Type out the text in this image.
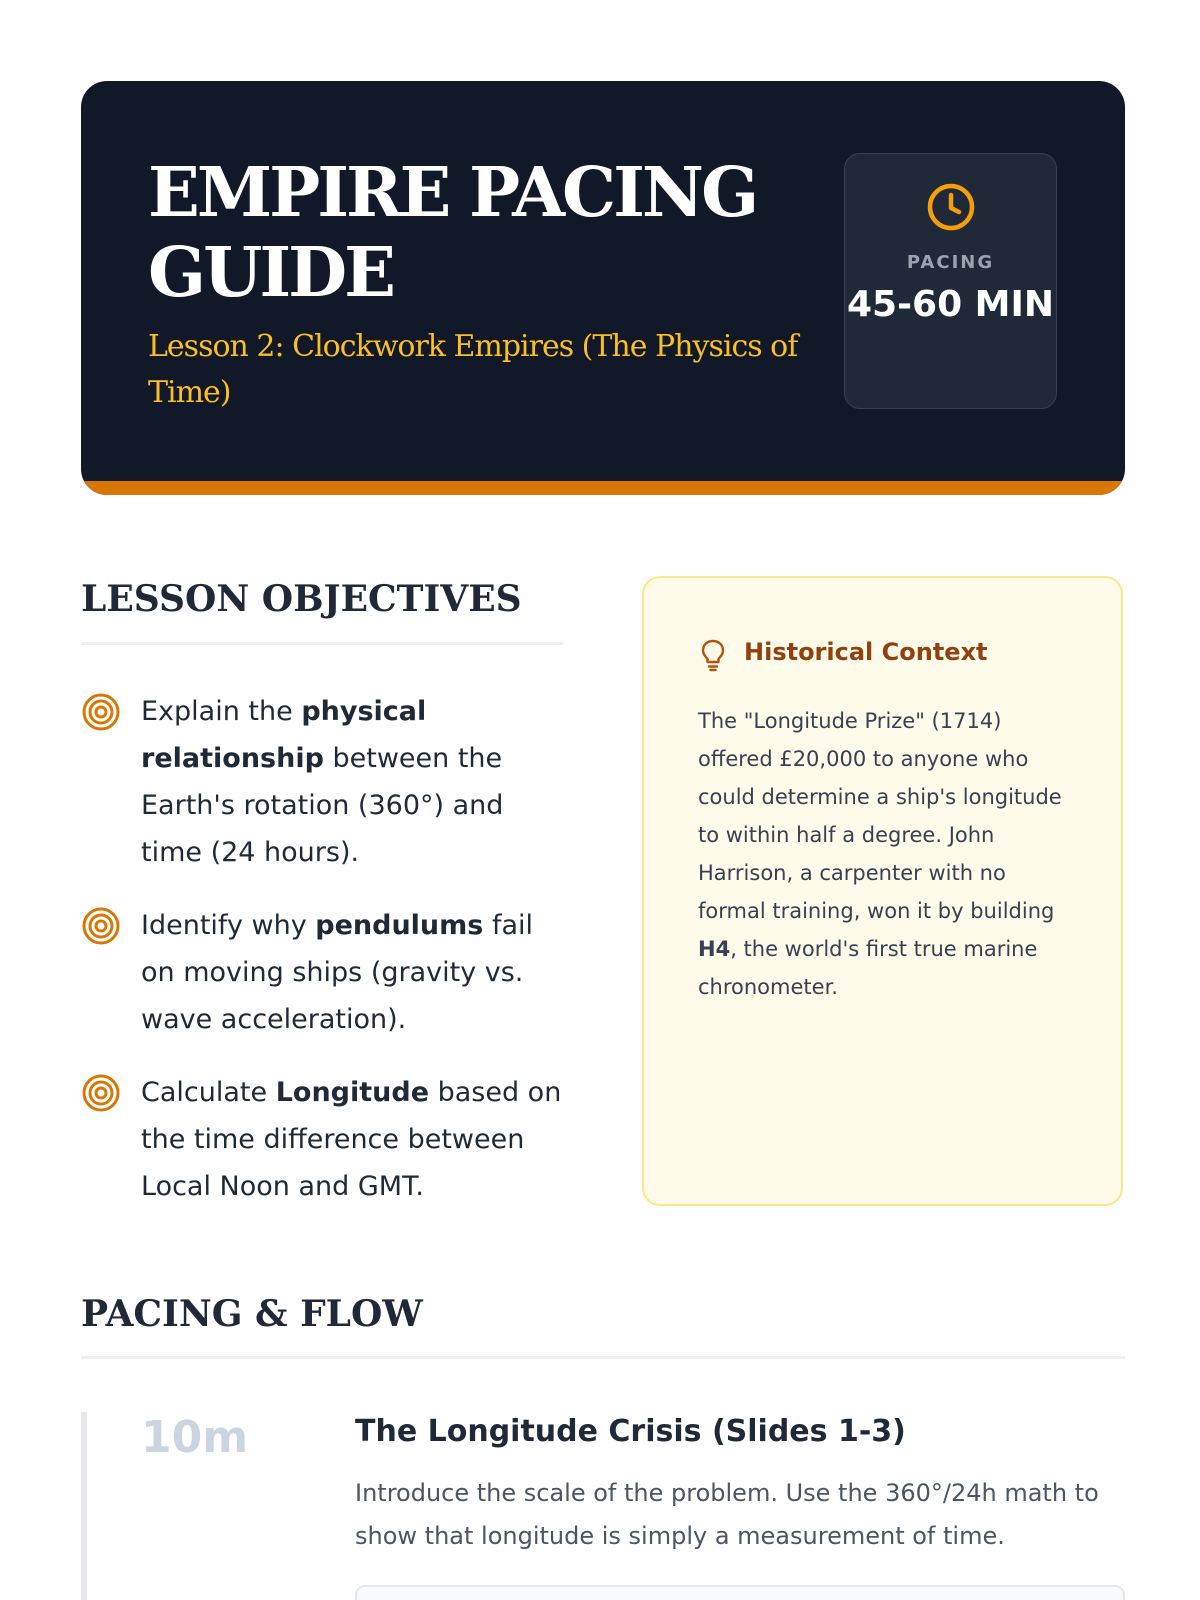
EMPIRE PACING GUIDE
Lesson 2: Clockwork Empires (The Physics of Time)
PACING
45-60 MIN
LESSON OBJECTIVES
Explain the physical relationship between the Earth's rotation (360°) and time (24 hours).
Identify why pendulums fail on moving ships (gravity vs. wave acceleration).
Calculate Longitude based on the time difference between Local Noon and GMT.
Historical Context
The "Longitude Prize" (1714) offered £20,000 to anyone who could determine a ship's longitude to within half a degree. John Harrison, a carpenter with no formal training, won it by building H4, the world's first true marine chronometer.
PACING & FLOW
10m	The Longitude Crisis (Slides 1-3)
Introduce the scale of the problem. Use the 360°/24h math to show that longitude is simply a measurement of time.
